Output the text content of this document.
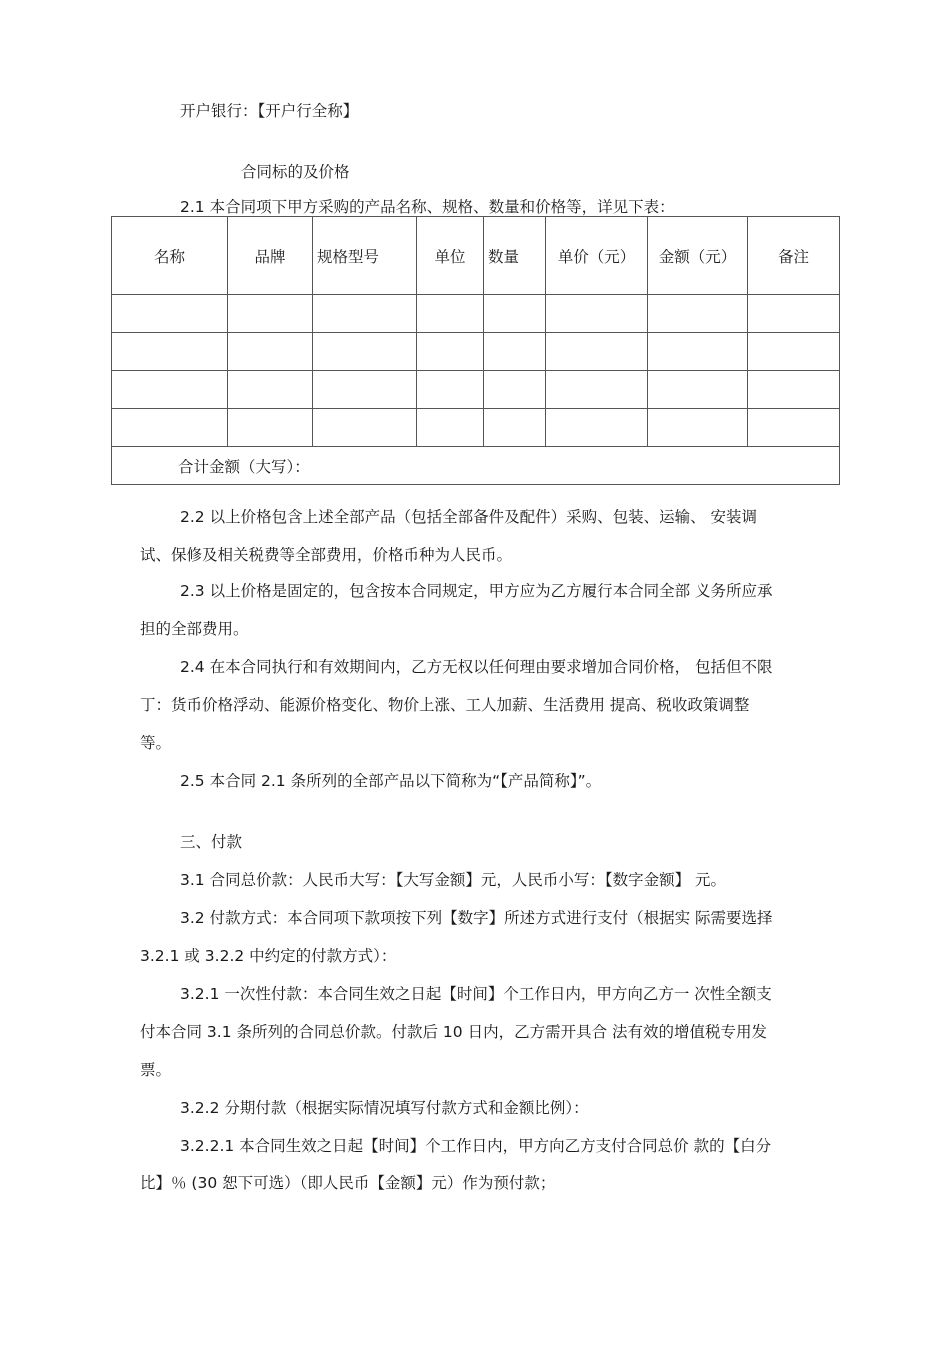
开户银行：【开户行全称】
合同标的及价格
2.1 本合同项下甲方采购的产品名称、规格、数量和价格等，详见下表：
名称	品牌	规格型号	单位	数量	单价（元）	金额（元）	备注

合计金额（大写）：							
2.2 以上价格包含上述全部产品（包括全部备件及配件）采购、包装、运输、 安装调
试、保修及相关税费等全部费用，价格币种为人民币。
2.3 以上价格是固定的，包含按本合同规定，甲方应为乙方履行本合同全部 义务所应承
担的全部费用。
2.4 在本合同执行和有效期间内，乙方无权以任何理由要求增加合同价格， 包括但不限
丁：货币价格浮动、能源价格变化、物价上涨、工人加薪、生活费用 提高、税收政策调整
等。
2.5 本合同 2.1 条所列的全部产品以下简称为“【产品简称】”。
三、付款
3.1 合同总价款：人民币大写：【大写金额】元，人民币小写：【数字金额】 元。
3.2 付款方式：本合同项下款项按下列【数字】所述方式进行支付（根据实 际需要选择
3.2.1 或 3.2.2 中约定的付款方式）：
3.2.1 一次性付款：本合同生效之日起【时间】个工作日内，甲方向乙方一 次性全额支
付本合同 3.1 条所列的合同总价款。付款后 10 日内，乙方需开具合 法有效的增值税专用发
票。
3.2.2 分期付款（根据实际情况填写付款方式和金额比例）：
3.2.2.1 本合同生效之日起【时间】个工作日内，甲方向乙方支付合同总价 款的【白分
比】％ (30 恕下可选）（即人民币【金额】元）作为预付款；
